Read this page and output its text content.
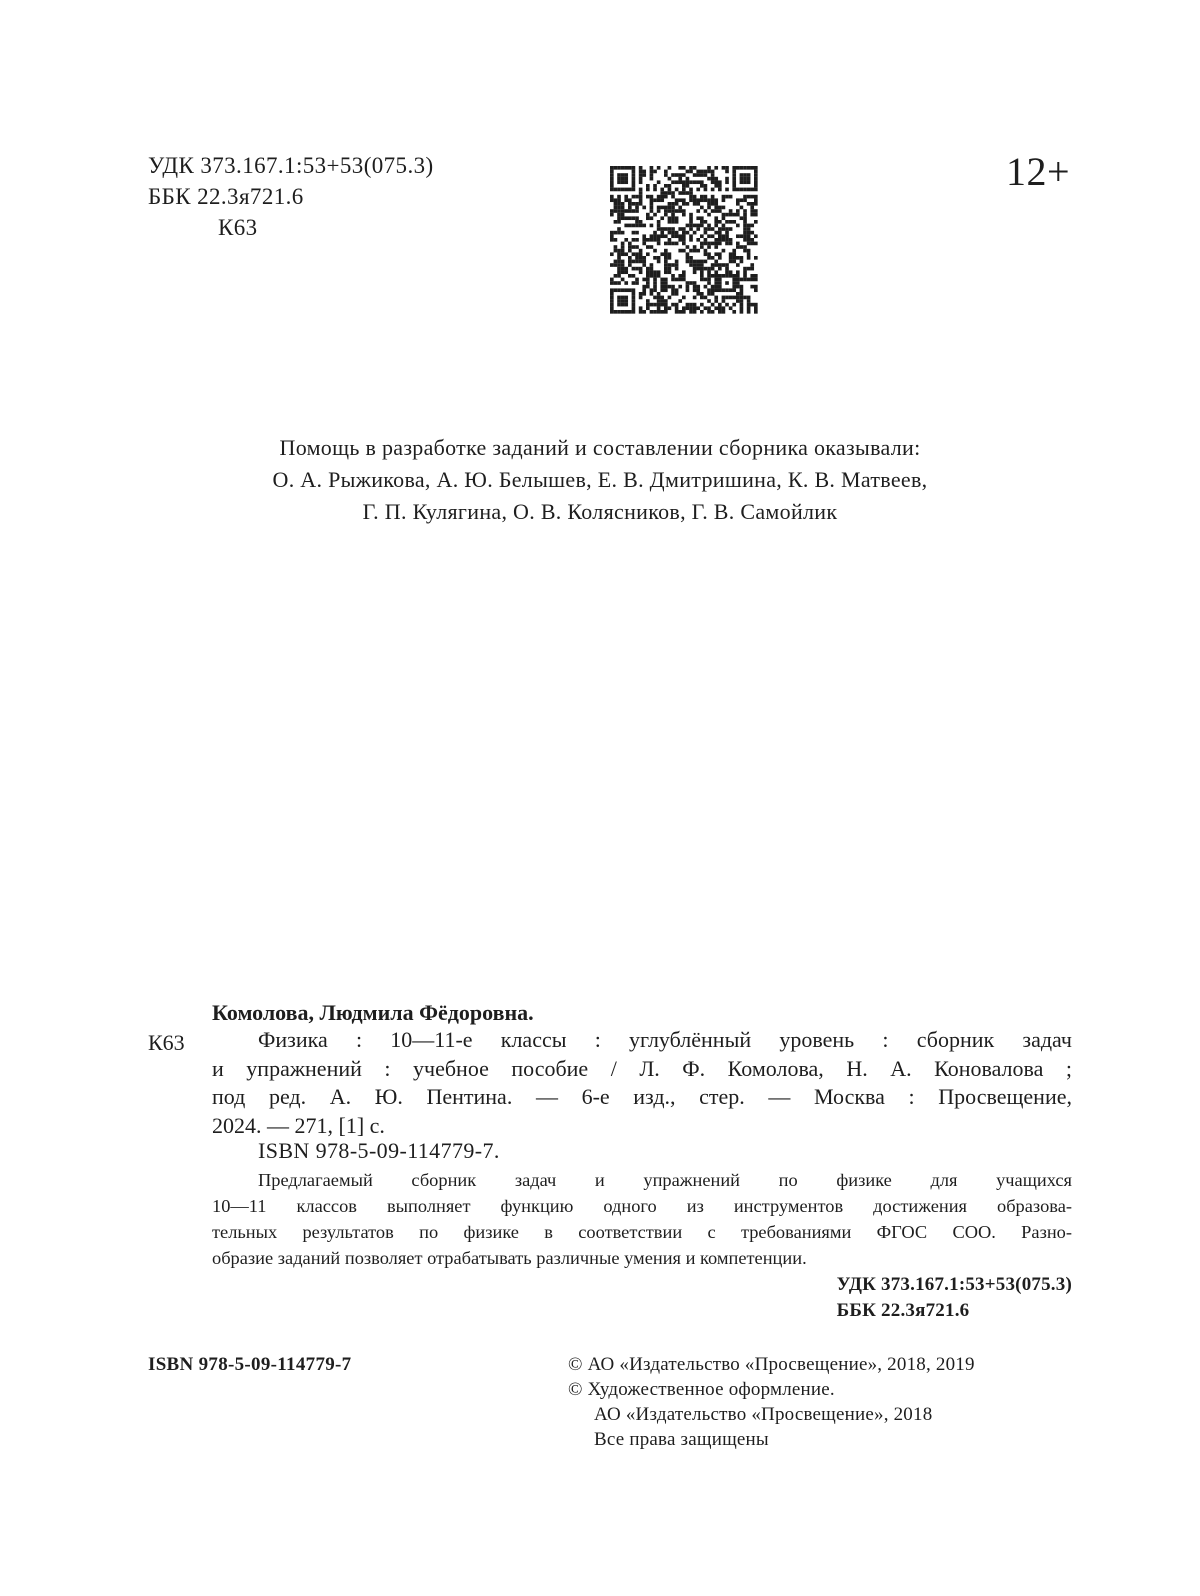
УДК 373.167.1:53+53(075.3)
ББК 22.3я721.6
К63
12+
Помощь в разработке заданий и составлении сборника оказывали:
О. А. Рыжикова, А. Ю. Белышев, Е. В. Дмитришина, К. В. Матвеев,
Г. П. Кулягина, О. В. Колясников, Г. В. Самойлик
Комолова, Людмила Фёдоровна.
К63	Физика : 10—11-е классы : углублённый уровень : сборник задач
и упражнений : учебное пособие / Л. Ф. Комолова, Н. А. Коновалова ;
под ред. А. Ю. Пентина. — 6-е изд., стер. — Москва : Просвещение,
2024. — 271, [1] с.
ISBN 978-5-09-114779-7.
Предлагаемый сборник задач и упражнений по физике для учащихся
10—11 классов выполняет функцию одного из инструментов достижения образова-
тельных результатов по физике в соответствии с требованиями ФГОС СОО. Разно-
образие заданий позволяет отрабатывать различные умения и компетенции.
УДК 373.167.1:53+53(075.3)
ББК 22.3я721.6
ISBN 978-5-09-114779-7	© АО «Издательство «Просвещение», 2018, 2019
© Художественное оформление.
АО «Издательство «Просвещение», 2018
Все права защищены
